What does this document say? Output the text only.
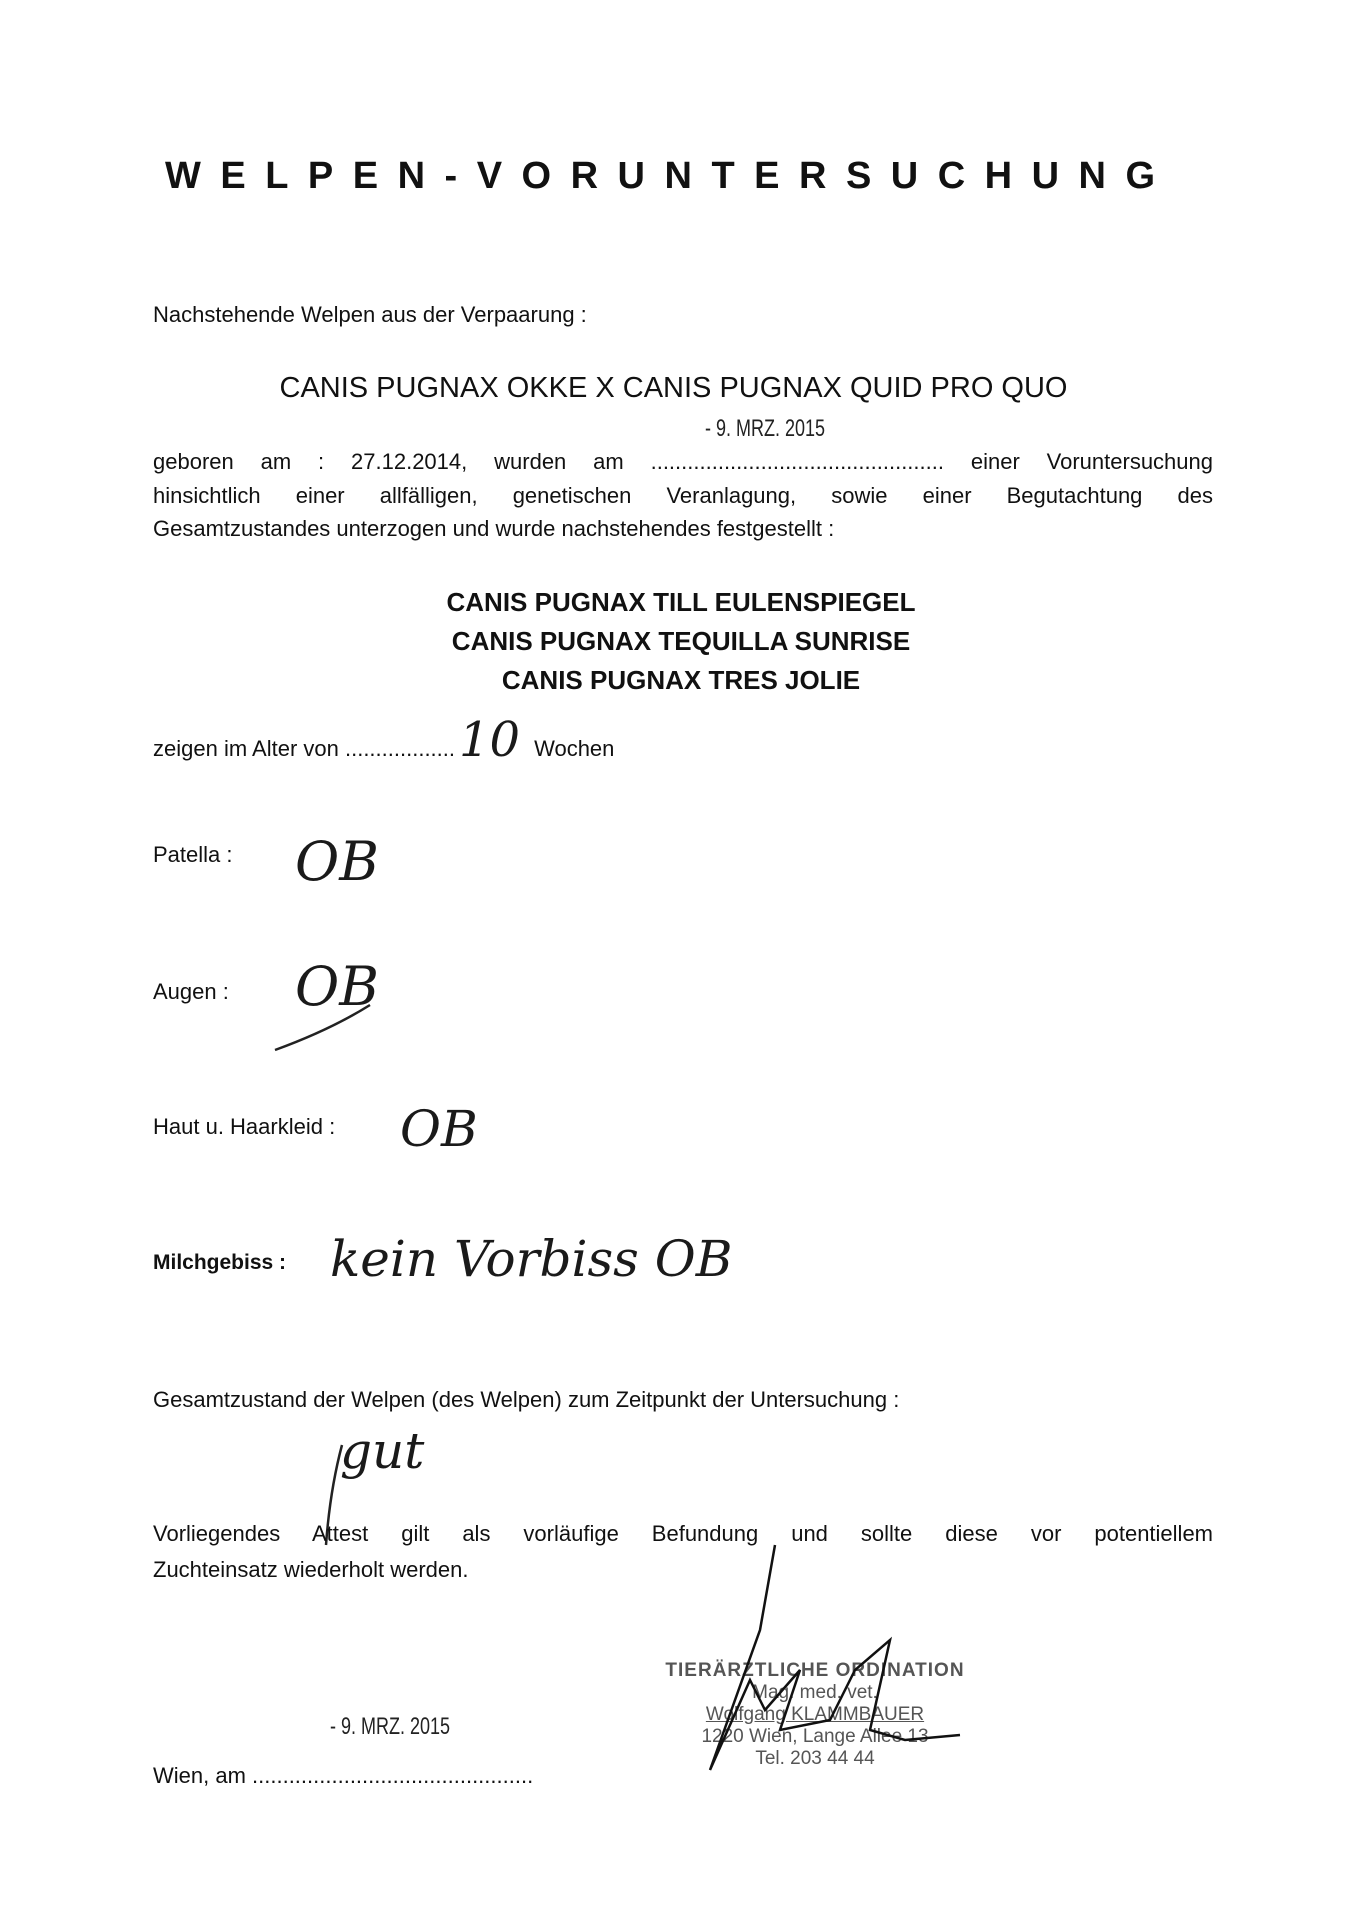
WELPEN-VORUNTERSUCHUNG
Nachstehende Welpen aus der Verpaarung :
CANIS PUGNAX OKKE X CANIS PUGNAX QUID PRO QUO
- 9. MRZ. 2015
geboren am : 27.12.2014, wurden am ................................................ einer Voruntersuchung
hinsichtlich einer allfälligen, genetischen Veranlagung, sowie einer Begutachtung des
Gesamtzustandes unterzogen und wurde nachstehendes festgestellt :
CANIS PUGNAX TILL EULENSPIEGEL
CANIS PUGNAX TEQUILLA SUNRISE
CANIS PUGNAX TRES JOLIE
zeigen im Alter von .................. 10 Wochen
Patella : OB
Augen : OB
Haut u. Haarkleid : OB
Milchgebiss : kein Vorbiss OB
Gesamtzustand der Welpen (des Welpen) zum Zeitpunkt der Untersuchung :
gut
Vorliegendes Attest gilt als vorläufige Befundung und sollte diese vor potentiellem
Zuchteinsatz wiederholt werden.
- 9. MRZ. 2015
Wien, am ..............................................
TIERÄRZTLICHE ORDINATION
Mag. med. vet.
Wolfgang KLAMMBAUER
1220 Wien, Lange Allee 13
Tel. 203 44 44
